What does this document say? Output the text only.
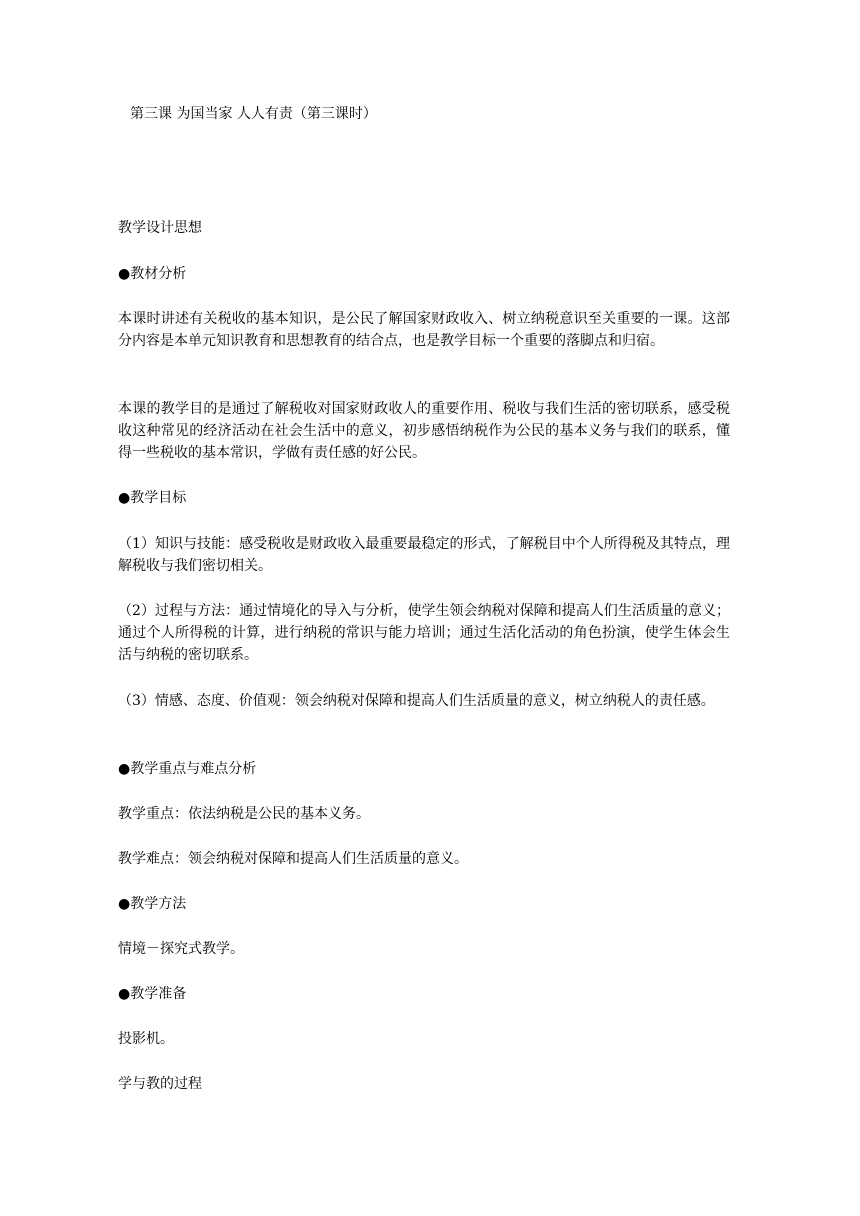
第三课 为国当家 人人有责（第三课时）

教学设计思想

●教材分析

本课时讲述有关税收的基本知识，是公民了解国家财政收入、树立纳税意识至关重要的一课。这部分内容是本单元知识教育和思想教育的结合点，也是教学目标一个重要的落脚点和归宿。

本课的教学目的是通过了解税收对国家财政收人的重要作用、税收与我们生活的密切联系，感受税收这种常见的经济活动在社会生活中的意义，初步感悟纳税作为公民的基本义务与我们的联系，懂得一些税收的基本常识，学做有责任感的好公民。

●教学目标

（1）知识与技能：感受税收是财政收入最重要最稳定的形式，了解税目中个人所得税及其特点，理解税收与我们密切相关。

（2）过程与方法：通过情境化的导入与分析，使学生领会纳税对保障和提高人们生活质量的意义；通过个人所得税的计算，进行纳税的常识与能力培训；通过生活化活动的角色扮演，使学生体会生活与纳税的密切联系。

（3）情感、态度、价值观：领会纳税对保障和提高人们生活质量的意义，树立纳税人的责任感。

●教学重点与难点分析

教学重点：依法纳税是公民的基本义务。

教学难点：领会纳税对保障和提高人们生活质量的意义。

●教学方法

情境－探究式教学。

●教学准备

投影机。

学与教的过程
